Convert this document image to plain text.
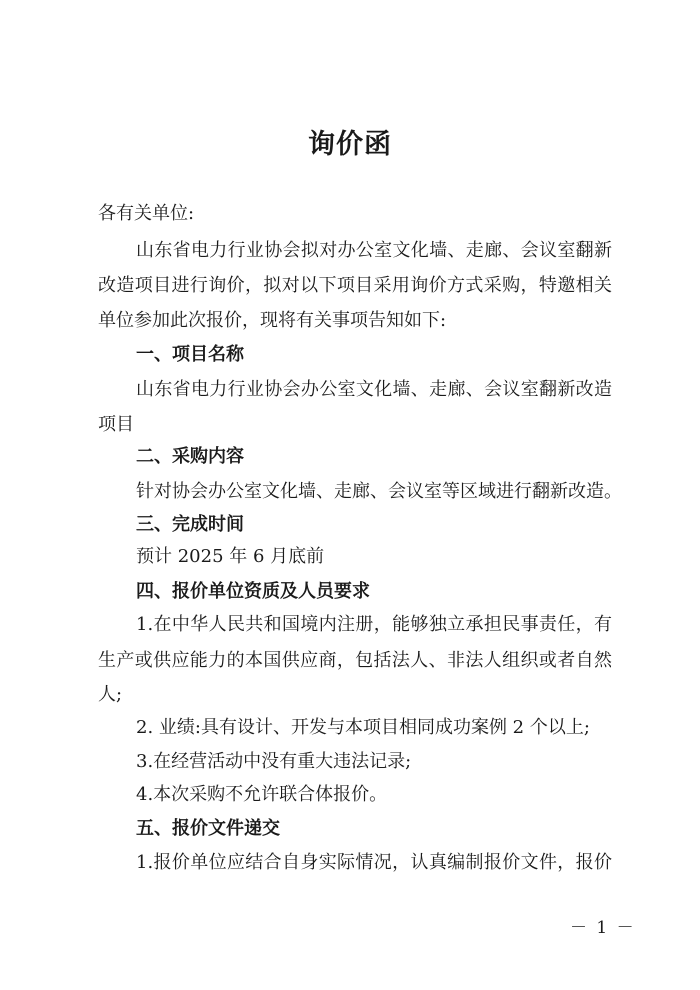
询价函
各有关单位:
山东省电力行业协会拟对办公室文化墙、走廊、会议室翻新
改造项目进行询价，拟对以下项目采用询价方式采购，特邀相关
单位参加此次报价，现将有关事项告知如下:
一、项目名称
山东省电力行业协会办公室文化墙、走廊、会议室翻新改造
项目
二、采购内容
针对协会办公室文化墙、走廊、会议室等区域进行翻新改造。
三、完成时间
预计 2025 年 6 月底前
四、报价单位资质及人员要求
1.在中华人民共和国境内注册，能够独立承担民事责任，有
生产或供应能力的本国供应商，包括法人、非法人组织或者自然
人;
2. 业绩:具有设计、开发与本项目相同成功案例 2 个以上;
3.在经营活动中没有重大违法记录;
4.本次采购不允许联合体报价。
五、报价文件递交
1.报价单位应结合自身实际情况，认真编制报价文件，报价
－ 1 －
